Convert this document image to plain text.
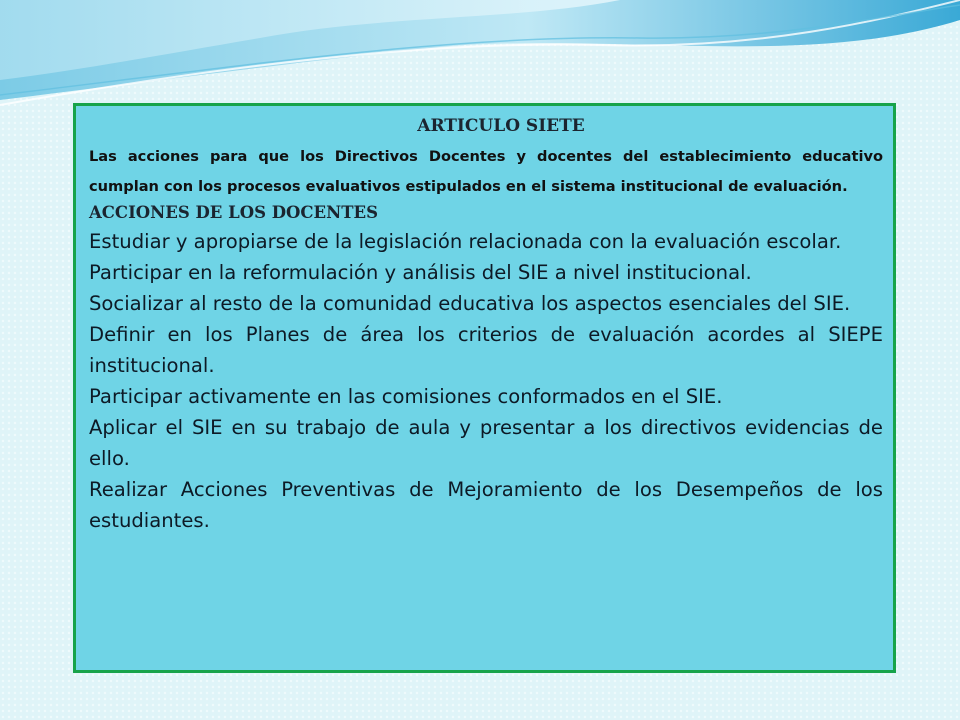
ARTICULO SIETE

Las acciones para que los Directivos Docentes y docentes del establecimiento educativo cumplan con los procesos evaluativos estipulados en el sistema institucional de evaluación.

ACCIONES DE LOS DOCENTES
Estudiar y apropiarse de la legislación relacionada con la evaluación escolar.
Participar en la reformulación y análisis del SIE a nivel institucional.
Socializar al resto de la comunidad educativa los aspectos esenciales del SIE.
Definir en los Planes de área los criterios de evaluación acordes al SIEPE institucional.
Participar activamente en las comisiones conformados en el SIE.
Aplicar el SIE en su trabajo de aula y presentar a los directivos evidencias de ello.
Realizar Acciones Preventivas de Mejoramiento de los Desempeños de los estudiantes.
